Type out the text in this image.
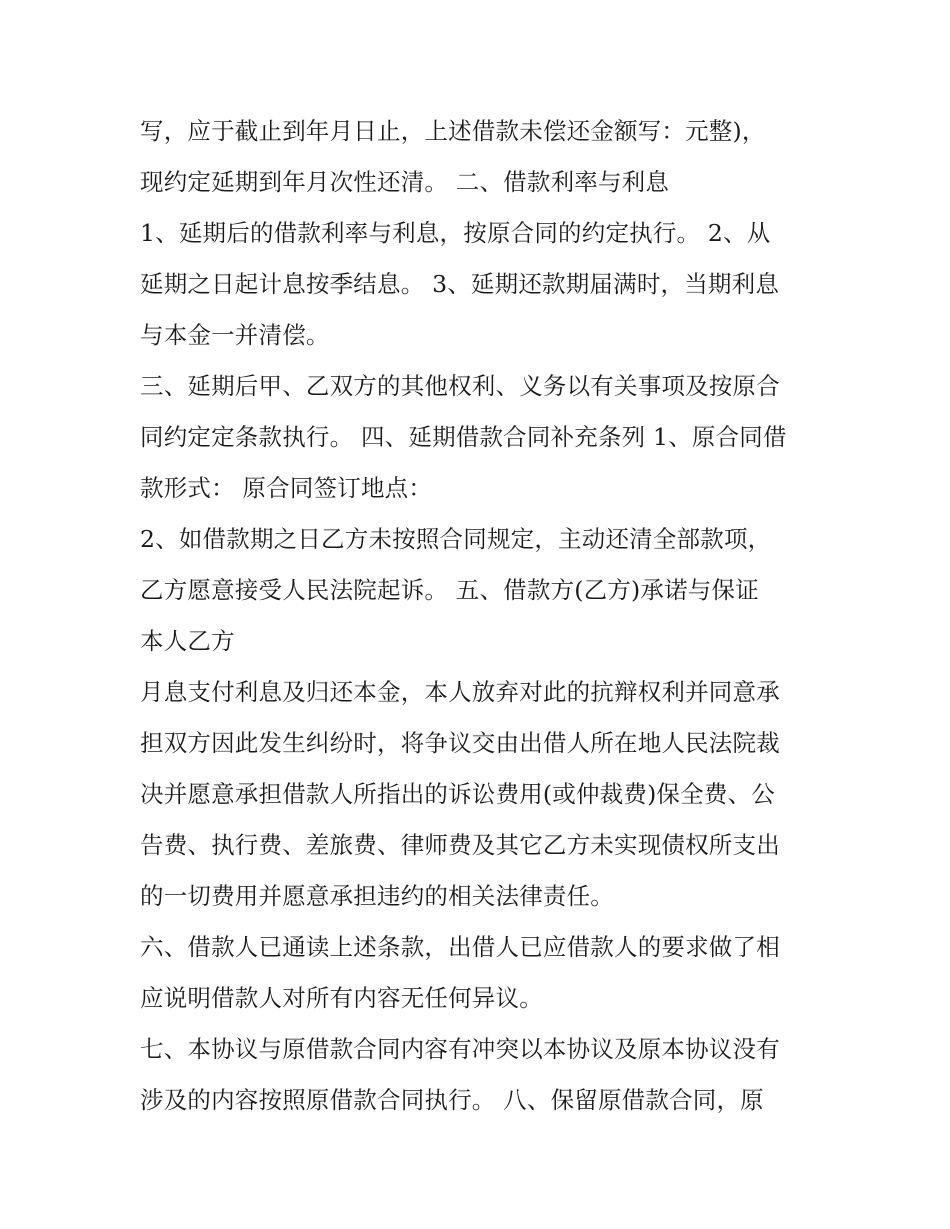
写，应于截止到年月日止，上述借款未偿还金额写：元整)，
现约定延期到年月次性还清。 二、借款利率与利息
1、延期后的借款利率与利息，按原合同的约定执行。 2、从
延期之日起计息按季结息。 3、延期还款期届满时，当期利息
与本金一并清偿。
三、延期后甲、乙双方的其他权利、义务以有关事项及按原合
同约定定条款执行。 四、延期借款合同补充条列 1、原合同借
款形式： 原合同签订地点：
2、如借款期之日乙方未按照合同规定，主动还清全部款项，
乙方愿意接受人民法院起诉。 五、借款方(乙方)承诺与保证
本人乙方
月息支付利息及归还本金，本人放弃对此的抗辩权利并同意承
担双方因此发生纠纷时，将争议交由出借人所在地人民法院裁
决并愿意承担借款人所指出的诉讼费用(或仲裁费)保全费、公
告费、执行费、差旅费、律师费及其它乙方未实现债权所支出
的一切费用并愿意承担违约的相关法律责任。
六、借款人已通读上述条款，出借人已应借款人的要求做了相
应说明借款人对所有内容无任何异议。
七、本协议与原借款合同内容有冲突以本协议及原本协议没有
涉及的内容按照原借款合同执行。 八、保留原借款合同，原
